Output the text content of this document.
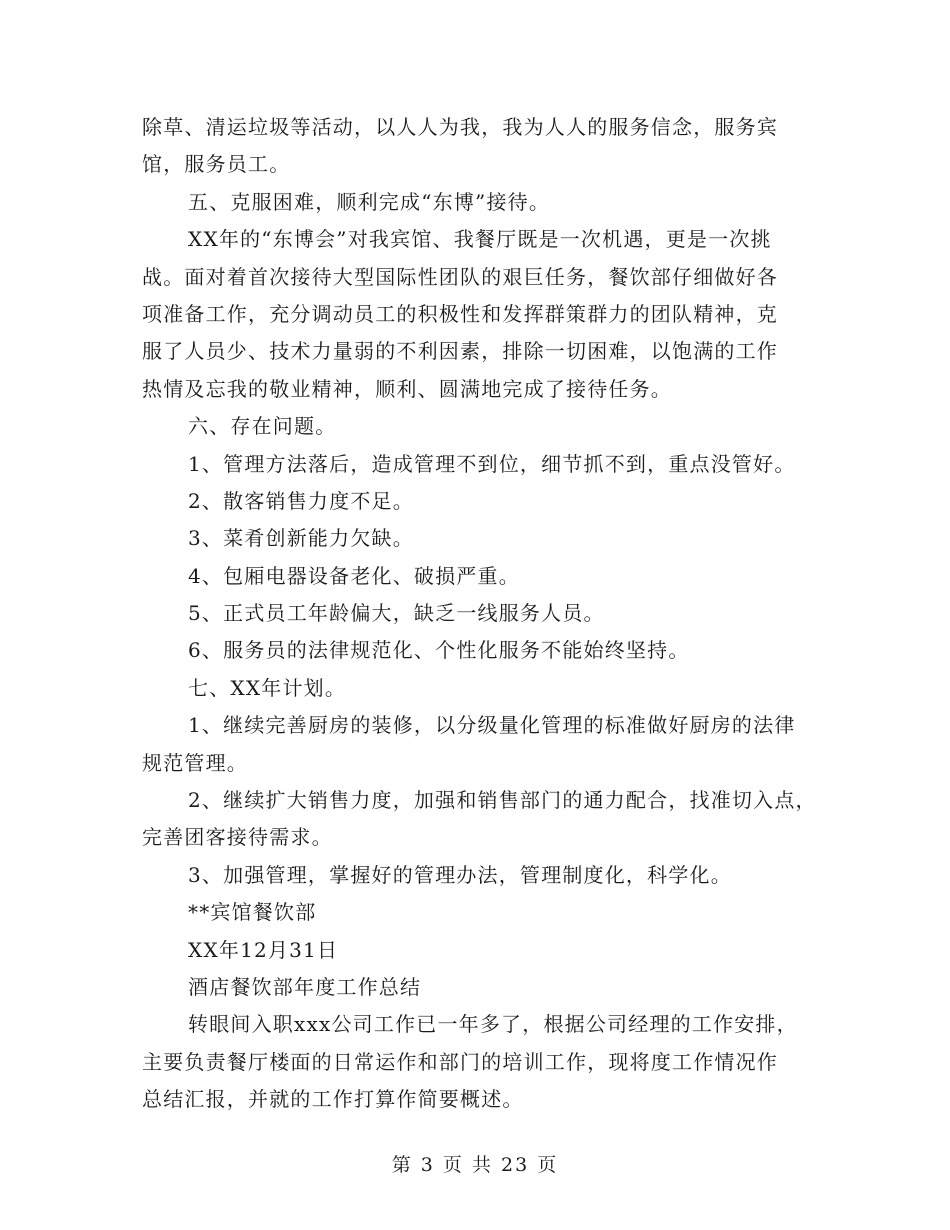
除草、清运垃圾等活动，以人人为我，我为人人的服务信念，服务宾

馆，服务员工。

五、克服困难，顺利完成“东博”接待。

XX年的“东博会”对我宾馆、我餐厅既是一次机遇，更是一次挑

战。面对着首次接待大型国际性团队的艰巨任务，餐饮部仔细做好各

项准备工作，充分调动员工的积极性和发挥群策群力的团队精神，克

服了人员少、技术力量弱的不利因素，排除一切困难，以饱满的工作

热情及忘我的敬业精神，顺利、圆满地完成了接待任务。

六、存在问题。

1、管理方法落后，造成管理不到位，细节抓不到，重点没管好。

2、散客销售力度不足。

3、菜肴创新能力欠缺。

4、包厢电器设备老化、破损严重。

5、正式员工年龄偏大，缺乏一线服务人员。

6、服务员的法律规范化、个性化服务不能始终坚持。

七、XX年计划。

1、继续完善厨房的装修，以分级量化管理的标准做好厨房的法律

规范管理。

2、继续扩大销售力度，加强和销售部门的通力配合，找准切入点，

完善团客接待需求。

3、加强管理，掌握好的管理办法，管理制度化，科学化。

**宾馆餐饮部

XX年12月31日

酒店餐饮部年度工作总结

转眼间入职xxx公司工作已一年多了，根据公司经理的工作安排，

主要负责餐厅楼面的日常运作和部门的培训工作，现将度工作情况作

总结汇报，并就的工作打算作简要概述。

第 3 页 共 23 页
